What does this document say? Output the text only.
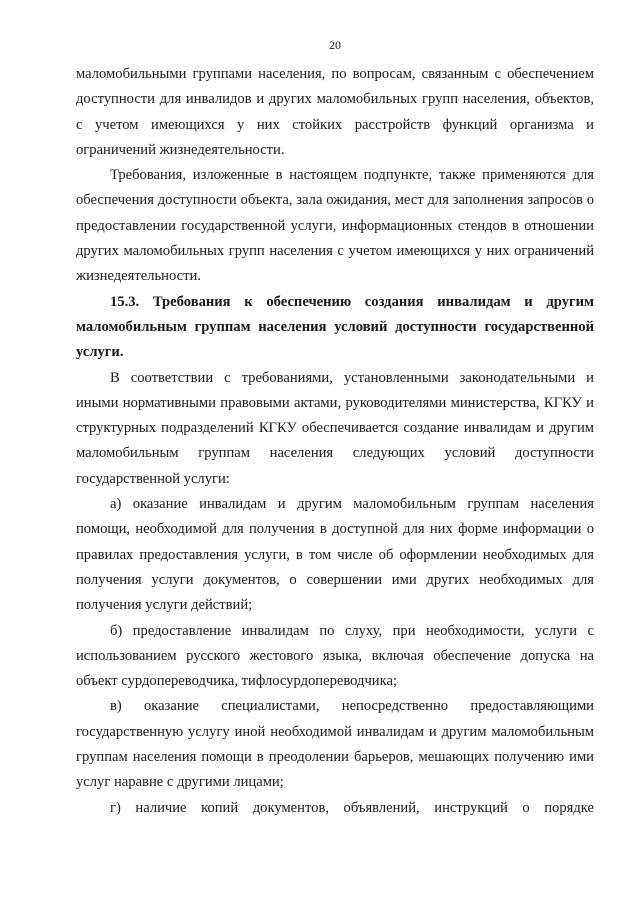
20

маломобильными группами населения, по вопросам, связанным с обеспечением доступности для инвалидов и других маломобильных групп населения, объектов, с учетом имеющихся у них стойких расстройств функций организма и ограничений жизнедеятельности.

Требования, изложенные в настоящем подпункте, также применяются для обеспечения доступности объекта, зала ожидания, мест для заполнения запросов о предоставлении государственной услуги, информационных стендов в отношении других маломобильных групп населения с учетом имеющихся у них ограничений жизнедеятельности.

15.3. Требования к обеспечению создания инвалидам и другим маломобильным группам населения условий доступности государственной услуги.

В соответствии с требованиями, установленными законодательными и иными нормативными правовыми актами, руководителями министерства, КГКУ и структурных подразделений КГКУ обеспечивается создание инвалидам и другим маломобильным группам населения следующих условий доступности государственной услуги:

а) оказание инвалидам и другим маломобильным группам населения помощи, необходимой для получения в доступной для них форме информации о правилах предоставления услуги, в том числе об оформлении необходимых для получения услуги документов, о совершении ими других необходимых для получения услуги действий;

б) предоставление инвалидам по слуху, при необходимости, услуги с использованием русского жестового языка, включая обеспечение допуска на объект сурдопереводчика, тифлосурдопереводчика;

в) оказание специалистами, непосредственно предоставляющими государственную услугу иной необходимой инвалидам и другим маломобильным группам населения помощи в преодолении барьеров, мешающих получению ими услуг наравне с другими лицами;

г) наличие копий документов, объявлений, инструкций о порядке
